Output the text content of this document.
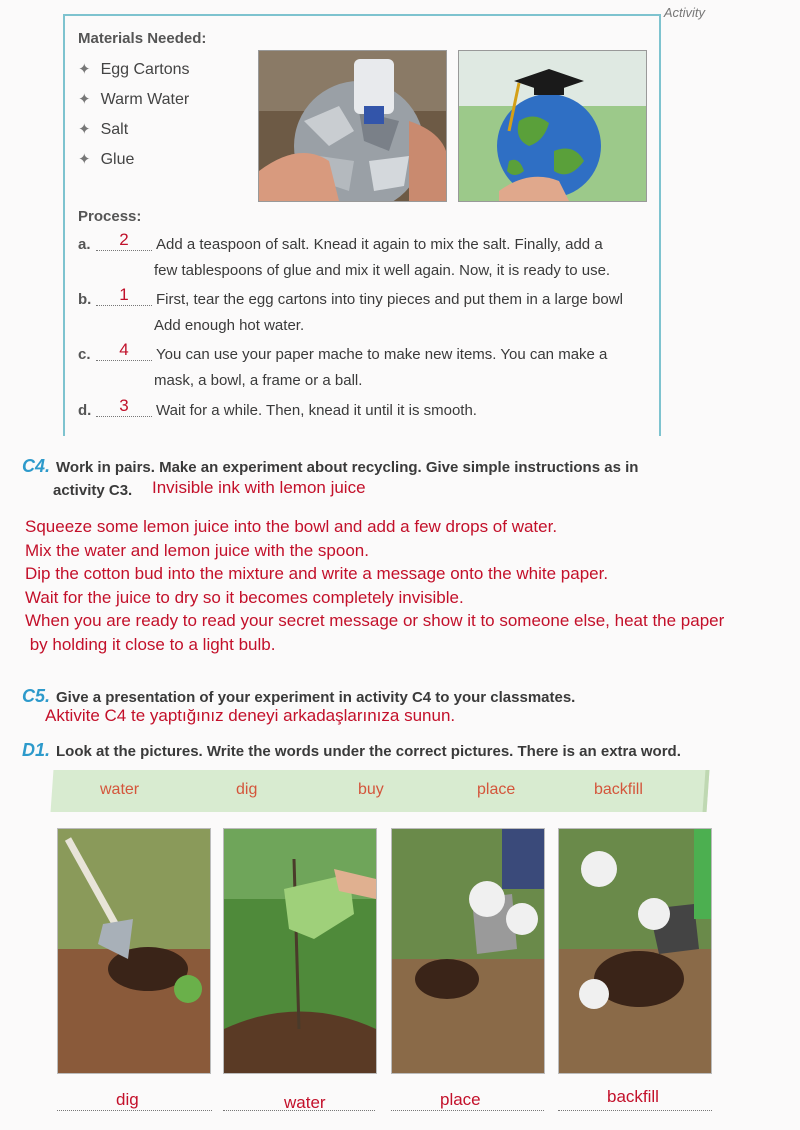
Activity
Materials Needed:
✦ Egg Cartons
✦ Warm Water
✦ Salt
✦ Glue
Process:
a. 2 Add a teaspoon of salt. Knead it again to mix the salt. Finally, add a
few tablespoons of glue and mix it well again. Now, it is ready to use.
b. 1 First, tear the egg cartons into tiny pieces and put them in a large bowl
Add enough hot water.
c. 4 You can use your paper mache to make new items. You can make a
mask, a bowl, a frame or a ball.
d. 3 Wait for a while. Then, knead it until it is smooth.
C4. Work in pairs. Make an experiment about recycling. Give simple instructions as in
activity C3. Invisible ink with lemon juice
Squeeze some lemon juice into the bowl and add a few drops of water.
Mix the water and lemon juice with the spoon.
Dip the cotton bud into the mixture and write a message onto the white paper.
Wait for the juice to dry so it becomes completely invisible.
When you are ready to read your secret message or show it to someone else, heat the paper
by holding it close to a light bulb.
C5. Give a presentation of your experiment in activity C4 to your classmates.
Aktivite C4 te yaptığınız deneyi arkadaşlarınıza sunun.
D1. Look at the pictures. Write the words under the correct pictures. There is an extra word.
water	dig	buy	place	backfill
dig	water	place	backfill
